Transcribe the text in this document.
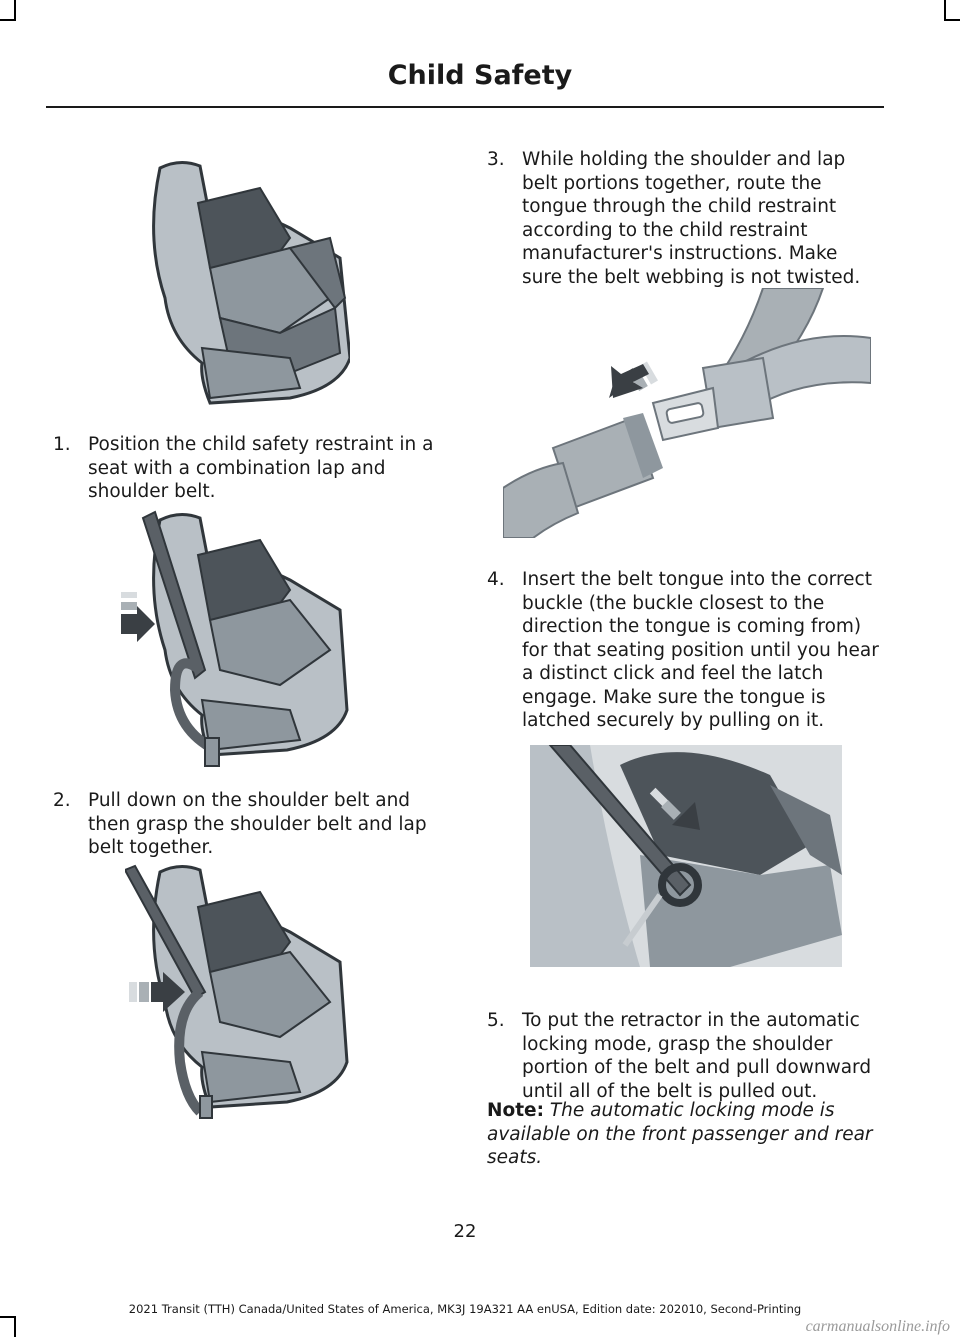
Child Safety
1. Position the child safety restraint in a seat with a combination lap and shoulder belt.
2. Pull down on the shoulder belt and then grasp the shoulder belt and lap belt together.
3. While holding the shoulder and lap belt portions together, route the tongue through the child restraint according to the child restraint manufacturer's instructions. Make sure the belt webbing is not twisted.
4. Insert the belt tongue into the correct buckle (the buckle closest to the direction the tongue is coming from) for that seating position until you hear a distinct click and feel the latch engage. Make sure the tongue is latched securely by pulling on it.
5. To put the retractor in the automatic locking mode, grasp the shoulder portion of the belt and pull downward until all of the belt is pulled out.
Note: The automatic locking mode is available on the front passenger and rear seats.
22
2021 Transit (TTH) Canada/United States of America, MK3J 19A321 AA enUSA, Edition date: 202010, Second-Printing
carmanualsonline.info
